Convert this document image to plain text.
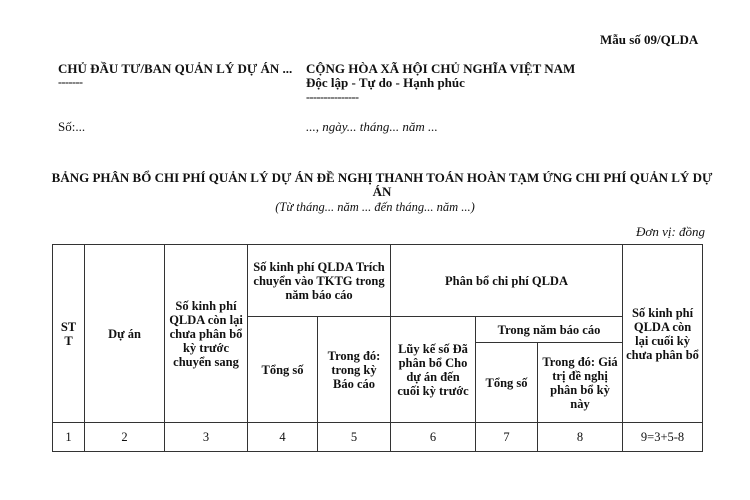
Mẫu số 09/QLDA
CHỦ ĐẦU TƯ/BAN QUẢN LÝ DỰ ÁN ...
-------
CỘNG HÒA XÃ HỘI CHỦ NGHĨA VIỆT NAM
Độc lập - Tự do - Hạnh phúc
---------------
Số:...	..., ngày... tháng... năm ...
BẢNG PHÂN BỔ CHI PHÍ QUẢN LÝ DỰ ÁN ĐỀ NGHỊ THANH TOÁN HOÀN TẠM ỨNG CHI PHÍ QUẢN LÝ DỰ ÁN
(Từ tháng... năm ... đến tháng... năm ...)
Đơn vị: đồng
ST T	Dự án	Số kinh phí QLDA còn lại chưa phân bổ kỳ trước chuyển sang	Số kinh phí QLDA Trích chuyển vào TKTG trong năm báo cáo		Phân bổ chi phí QLDA			Số kinh phí QLDA còn lại cuối kỳ chưa phân bổ
			Tổng số	Trong đó: trong kỳ Báo cáo	Lũy kế số Đã phân bổ Cho dự án đến cuối kỳ trước	Trong năm báo cáo		
						Tổng số	Trong đó: Giá trị đề nghị phân bổ kỳ này	
1	2	3	4	5	6	7	8	9=3+5-8
